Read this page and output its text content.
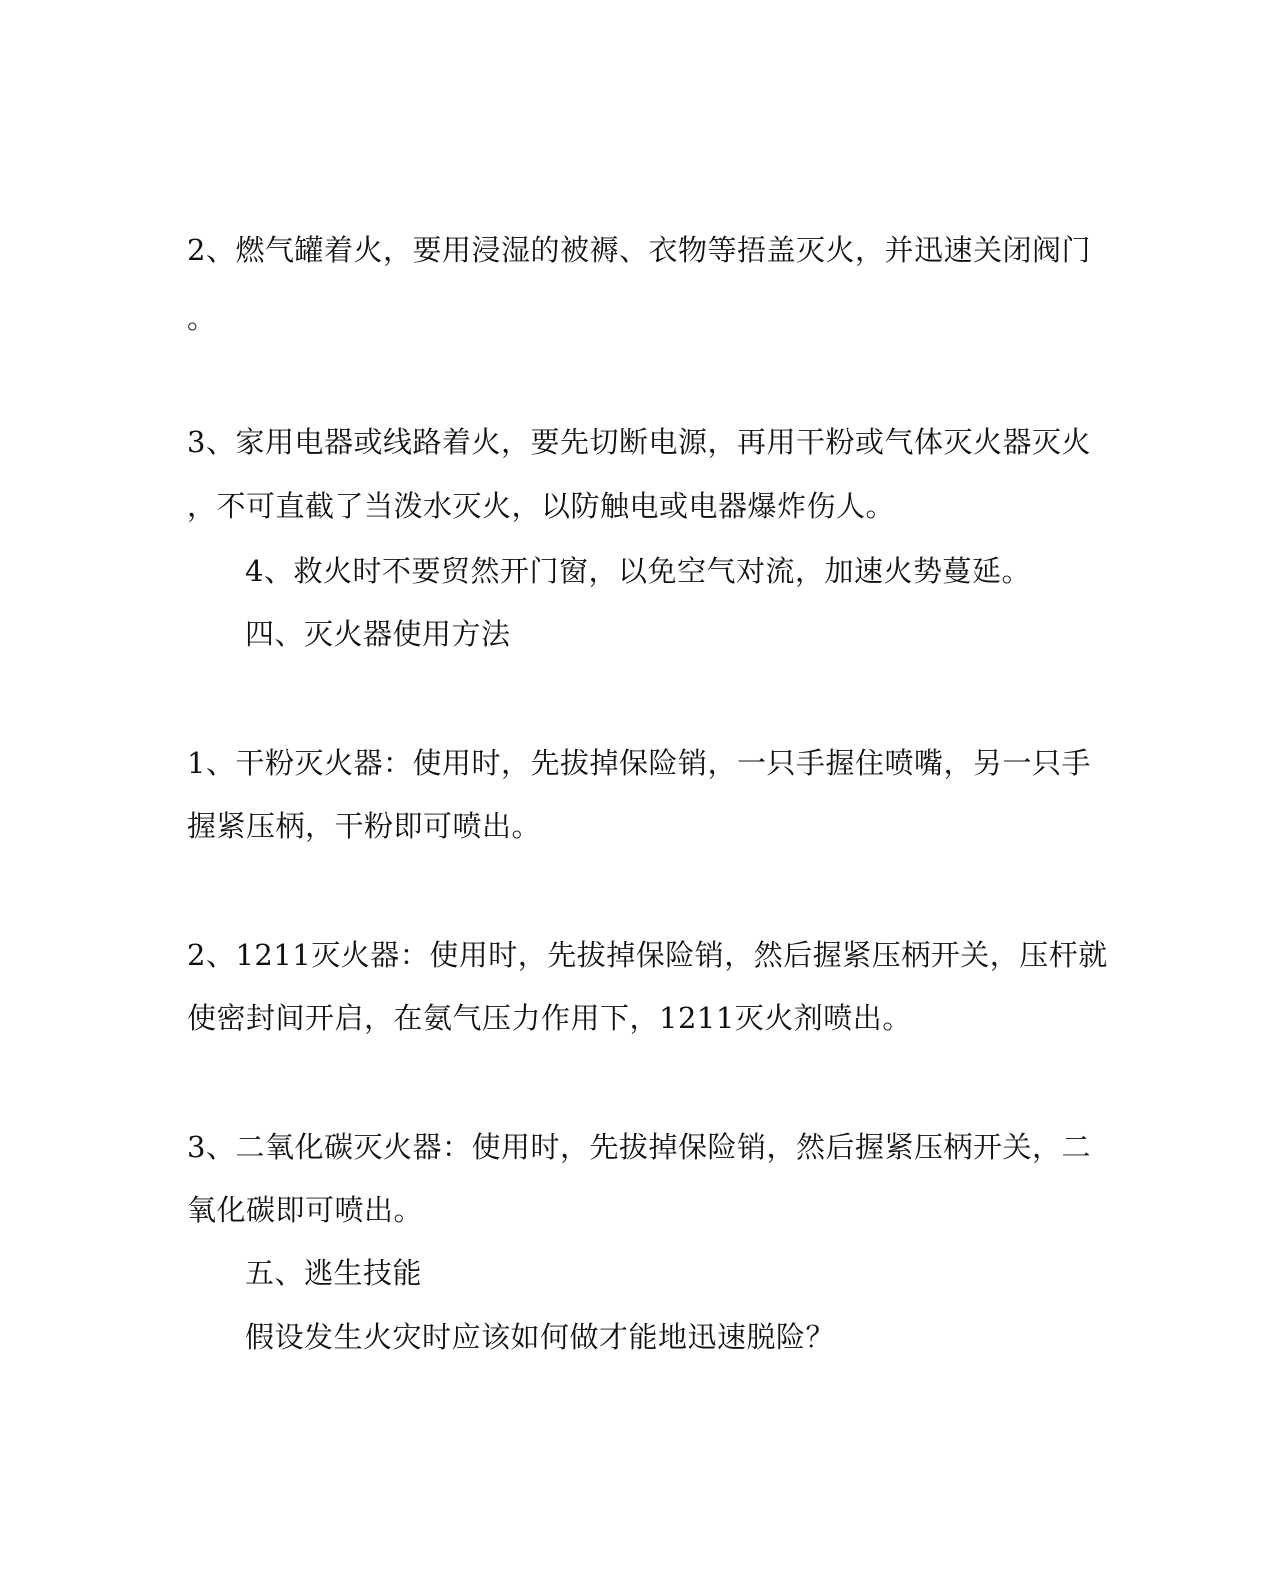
2、燃气罐着火，要用浸湿的被褥、衣物等捂盖灭火，并迅速关闭阀门
。
3、家用电器或线路着火，要先切断电源，再用干粉或气体灭火器灭火
，不可直截了当泼水灭火，以防触电或电器爆炸伤人。
4、救火时不要贸然开门窗，以免空气对流，加速火势蔓延。
四、灭火器使用方法
1、干粉灭火器：使用时，先拔掉保险销，一只手握住喷嘴，另一只手
握紧压柄，干粉即可喷出。
2、1211灭火器：使用时，先拔掉保险销，然后握紧压柄开关，压杆就
使密封间开启，在氨气压力作用下，1211灭火剂喷出。
3、二氧化碳灭火器：使用时，先拔掉保险销，然后握紧压柄开关，二
氧化碳即可喷出。
五、逃生技能
假设发生火灾时应该如何做才能地迅速脱险？
